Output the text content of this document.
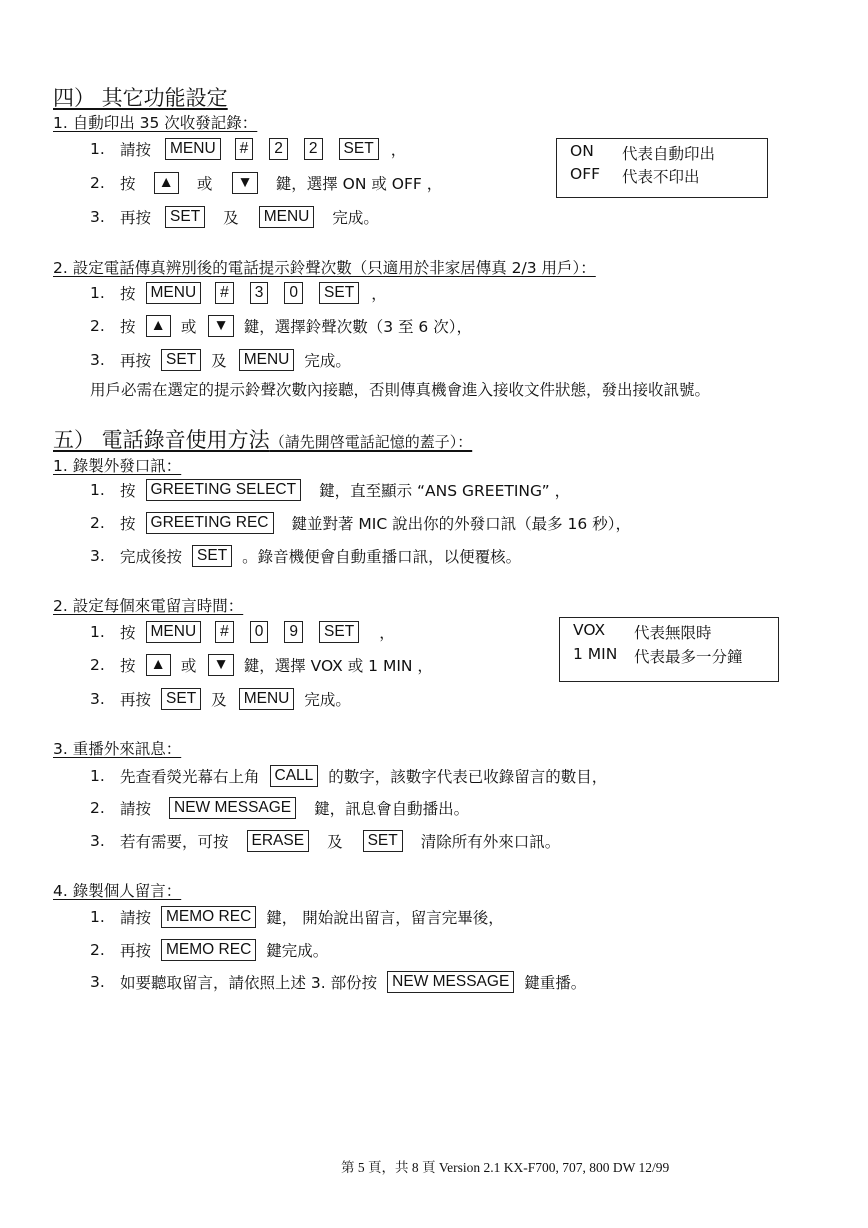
四） 其它功能設定
1. 自動印出 35 次收發記錄：
1. 請按	MENU	#	2	2	SET	，
2. 按	▲	或	▼	鍵，選擇 ON 或 OFF ，
3. 再按	SET	及	MENU	完成。
ON 代表自動印出
OFF 代表不印出
2. 設定電話傳真辨別後的電話提示鈴聲次數（只適用於非家居傳真 2/3 用戶）：
1. 按 MENU	#	3	0	SET	，
2. 按 ▲ 或	▼ 鍵，選擇鈴聲次數（3 至 6 次），
3. 再按 SET 及	MENU 完成。
用戶必需在選定的提示鈴聲次數內接聽，否則傳真機會進入接收文件狀態，發出接收訊號。
五） 電話錄音使用方法（請先開啓電話記憶的蓋子）：
1. 錄製外發口訊：
1. 按 GREETING SELECT	鍵，直至顯示 “ANS GREETING” ，
2. 按 GREETING REC	鍵並對著 MIC 說出你的外發口訊（最多 16 秒），
3. 完成後按 SET 。錄音機便會自動重播口訊，以便覆核。
2. 設定每個來電留言時間：
1. 按 MENU	#	0	9	SET	，
2. 按 ▲ 或	▼ 鍵，選擇 VOX 或 1 MIN ，
3. 再按 SET 及	MENU 完成。
VOX 代表無限時
1 MIN 代表最多一分鐘
3. 重播外來訊息：
1. 先查看熒光幕右上角 CALL 的數字，該數字代表已收錄留言的數目，
2. 請按	NEW MESSAGE	鍵，訊息會自動播出。
3. 若有需要，可按	ERASE	及	SET	清除所有外來口訊。
4. 錄製個人留言：
1. 請按 MEMO REC 鍵， 開始說出留言，留言完畢後，
2. 再按 MEMO REC 鍵完成。
3. 如要聽取留言，請依照上述 3. 部份按 NEW MESSAGE 鍵重播。
第 5 頁，共 8 頁 Version 2.1 KX-F700, 707, 800 DW 12/99
